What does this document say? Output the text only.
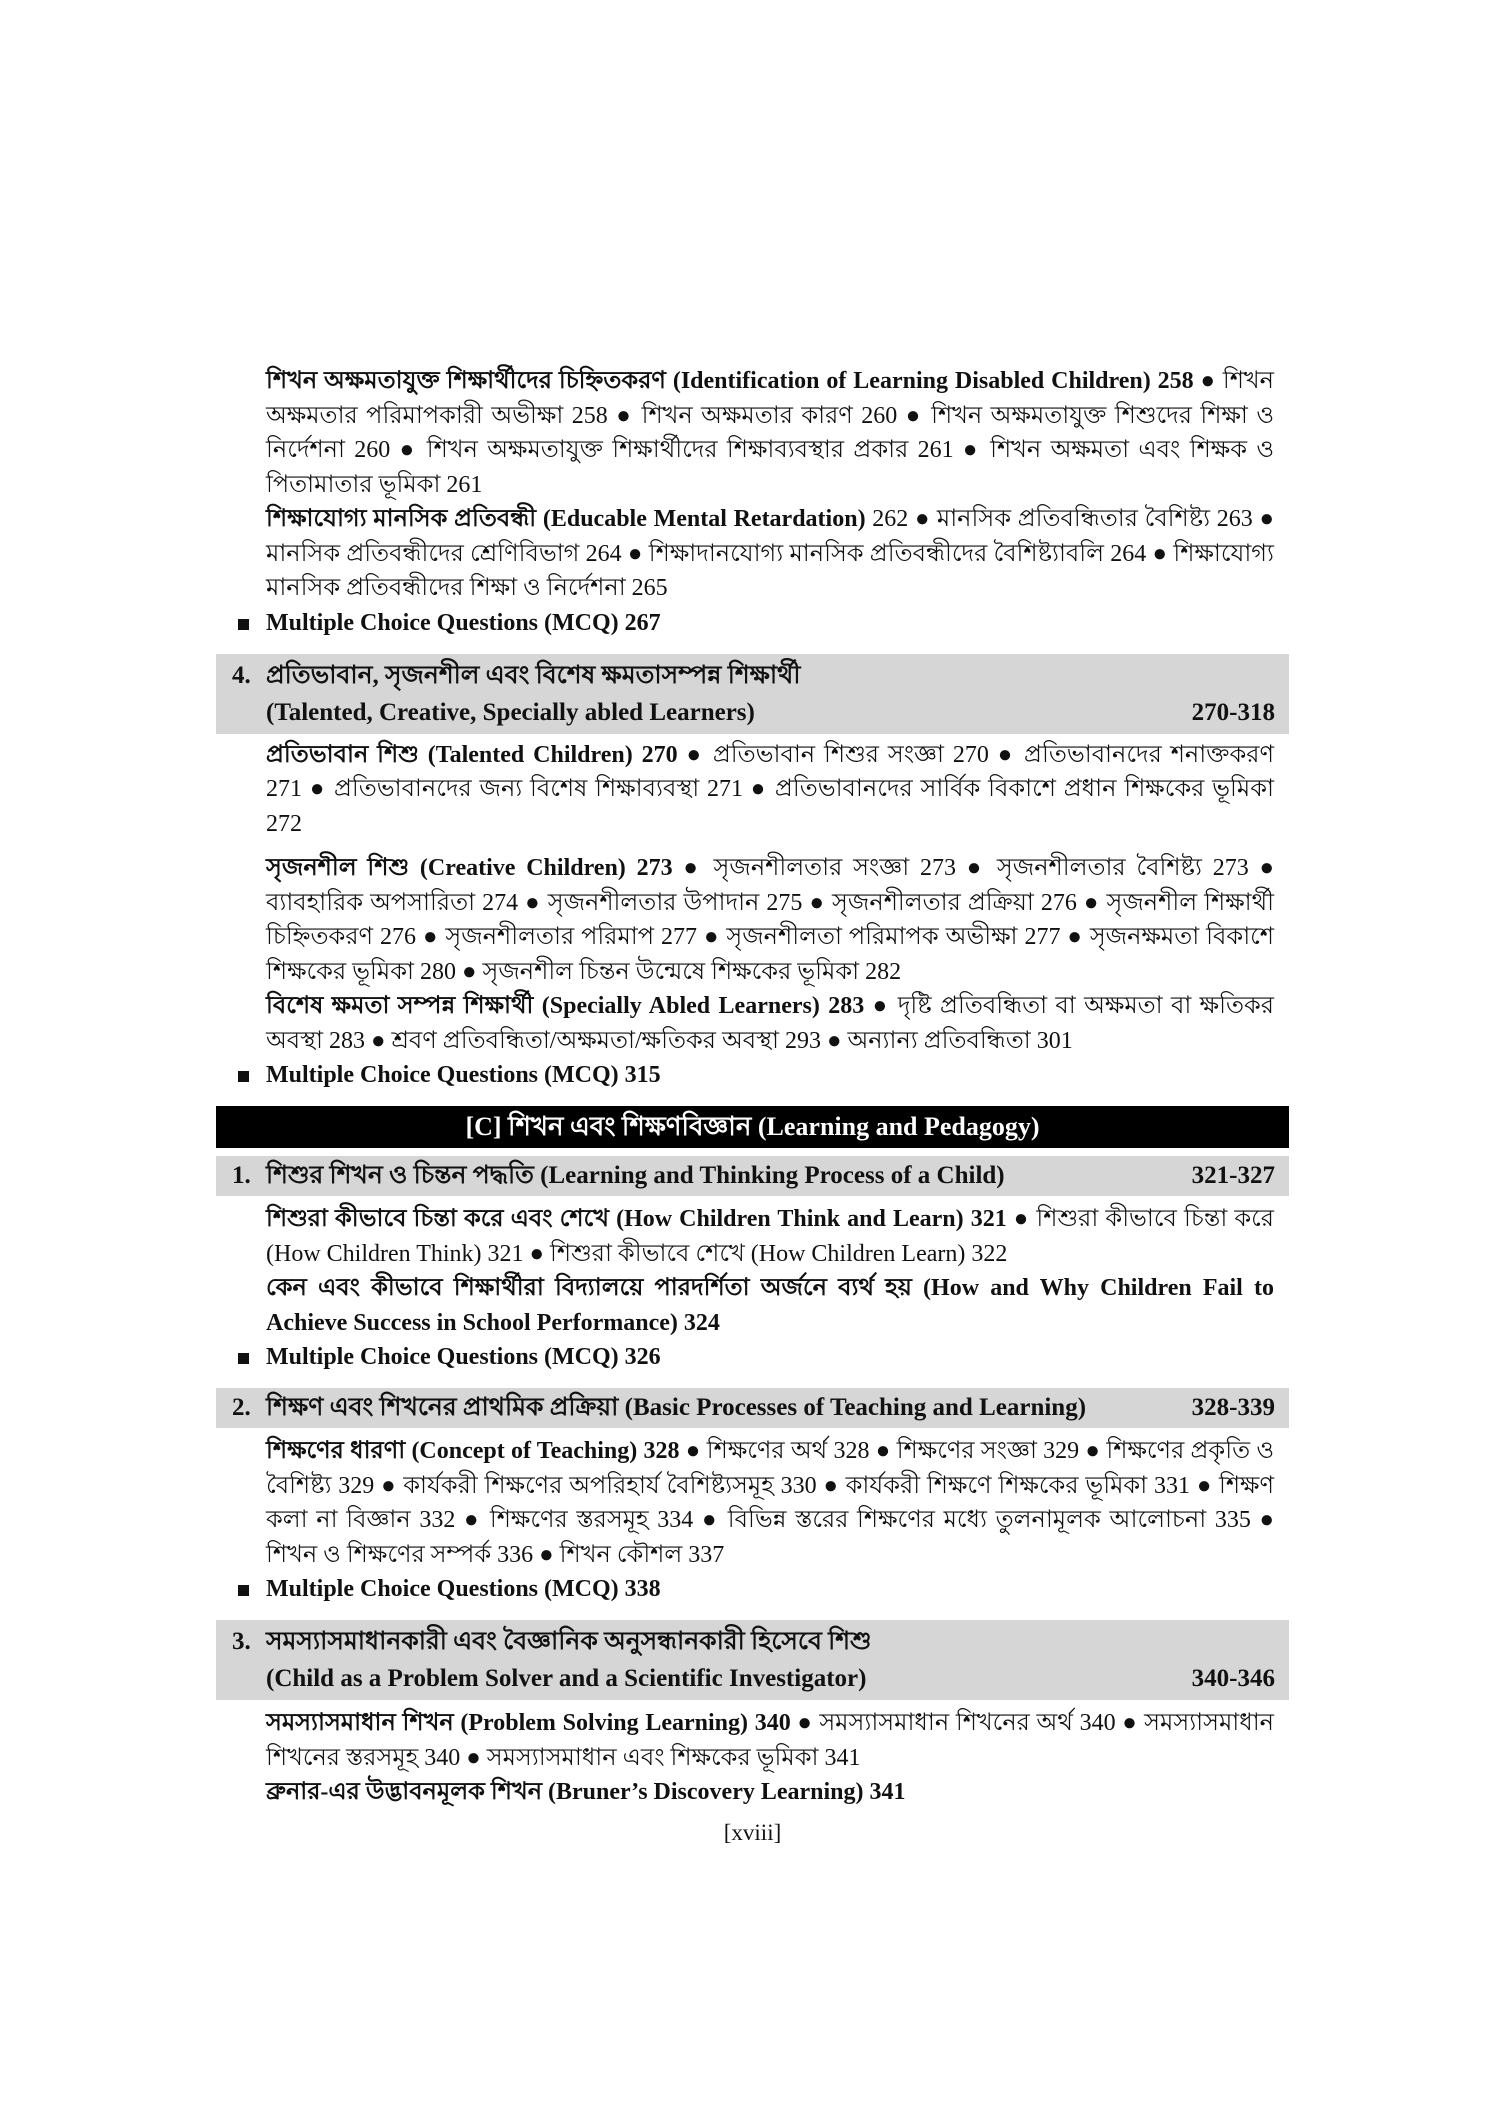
শিখন অক্ষমতাযুক্ত শিক্ষার্থীদের চিহ্নিতকরণ (Identification of Learning Disabled Children) 258 ● শিখন অক্ষমতার পরিমাপকারী অভীক্ষা 258 ● শিখন অক্ষমতার কারণ 260 ● শিখন অক্ষমতাযুক্ত শিশুদের শিক্ষা ও নির্দেশনা 260 ● শিখন অক্ষমতাযুক্ত শিক্ষার্থীদের শিক্ষাব্যবস্থার প্রকার 261 ● শিখন অক্ষমতা এবং শিক্ষক ও পিতামাতার ভূমিকা 261

শিক্ষাযোগ্য মানসিক প্রতিবন্ধী (Educable Mental Retardation) 262 ● মানসিক প্রতিবন্ধিতার বৈশিষ্ট্য 263 ● মানসিক প্রতিবন্ধীদের শ্রেণিবিভাগ 264 ● শিক্ষাদানযোগ্য মানসিক প্রতিবন্ধীদের বৈশিষ্ট্যাবলি 264 ● শিক্ষাযোগ্য মানসিক প্রতিবন্ধীদের শিক্ষা ও নির্দেশনা 265

Multiple Choice Questions (MCQ) 267

4. প্রতিভাবান, সৃজনশীল এবং বিশেষ ক্ষমতাসম্পন্ন শিক্ষার্থী
(Talented, Creative, Specially abled Learners)	270-318

প্রতিভাবান শিশু (Talented Children) 270 ● প্রতিভাবান শিশুর সংজ্ঞা 270 ● প্রতিভাবানদের শনাক্তকরণ 271 ● প্রতিভাবানদের জন্য বিশেষ শিক্ষাব্যবস্থা 271 ● প্রতিভাবানদের সার্বিক বিকাশে প্রধান শিক্ষকের ভূমিকা 272

সৃজনশীল শিশু (Creative Children) 273 ● সৃজনশীলতার সংজ্ঞা 273 ● সৃজনশীলতার বৈশিষ্ট্য 273 ● ব্যাবহারিক অপসারিতা 274 ● সৃজনশীলতার উপাদান 275 ● সৃজনশীলতার প্রক্রিয়া 276 ● সৃজনশীল শিক্ষার্থী চিহ্নিতকরণ 276 ● সৃজনশীলতার পরিমাপ 277 ● সৃজনশীলতা পরিমাপক অভীক্ষা 277 ● সৃজনক্ষমতা বিকাশে শিক্ষকের ভূমিকা 280 ● সৃজনশীল চিন্তন উন্মেষে শিক্ষকের ভূমিকা 282

বিশেষ ক্ষমতা সম্পন্ন শিক্ষার্থী (Specially Abled Learners) 283 ● দৃষ্টি প্রতিবন্ধিতা বা অক্ষমতা বা ক্ষতিকর অবস্থা 283 ● শ্রবণ প্রতিবন্ধিতা/অক্ষমতা/ক্ষতিকর অবস্থা 293 ● অন্যান্য প্রতিবন্ধিতা 301

Multiple Choice Questions (MCQ) 315

[C] শিখন এবং শিক্ষণবিজ্ঞান (Learning and Pedagogy)
1. শিশুর শিখন ও চিন্তন পদ্ধতি (Learning and Thinking Process of a Child)	321-327

শিশুরা কীভাবে চিন্তা করে এবং শেখে (How Children Think and Learn) 321 ● শিশুরা কীভাবে চিন্তা করে (How Children Think) 321 ● শিশুরা কীভাবে শেখে (How Children Learn) 322

কেন এবং কীভাবে শিক্ষার্থীরা বিদ্যালয়ে পারদর্শিতা অর্জনে ব্যর্থ হয় (How and Why Children Fail to Achieve Success in School Performance) 324

Multiple Choice Questions (MCQ) 326

2. শিক্ষণ এবং শিখনের প্রাথমিক প্রক্রিয়া (Basic Processes of Teaching and Learning)	328-339

শিক্ষণের ধারণা (Concept of Teaching) 328 ● শিক্ষণের অর্থ 328 ● শিক্ষণের সংজ্ঞা 329 ● শিক্ষণের প্রকৃতি ও বৈশিষ্ট্য 329 ● কার্যকরী শিক্ষণের অপরিহার্য বৈশিষ্ট্যসমূহ 330 ● কার্যকরী শিক্ষণে শিক্ষকের ভূমিকা 331 ● শিক্ষণ কলা না বিজ্ঞান 332 ● শিক্ষণের স্তরসমূহ 334 ● বিভিন্ন স্তরের শিক্ষণের মধ্যে তুলনামূলক আলোচনা 335 ● শিখন ও শিক্ষণের সম্পর্ক 336 ● শিখন কৌশল 337

Multiple Choice Questions (MCQ) 338

3. সমস্যাসমাধানকারী এবং বৈজ্ঞানিক অনুসন্ধানকারী হিসেবে শিশু
(Child as a Problem Solver and a Scientific Investigator)	340-346

সমস্যাসমাধান শিখন (Problem Solving Learning) 340 ● সমস্যাসমাধান শিখনের অর্থ 340 ● সমস্যাসমাধান শিখনের স্তরসমূহ 340 ● সমস্যাসমাধান এবং শিক্ষকের ভূমিকা 341

ব্রুনার-এর উদ্ভাবনমূলক শিখন (Bruner’s Discovery Learning) 341

[xviii]
